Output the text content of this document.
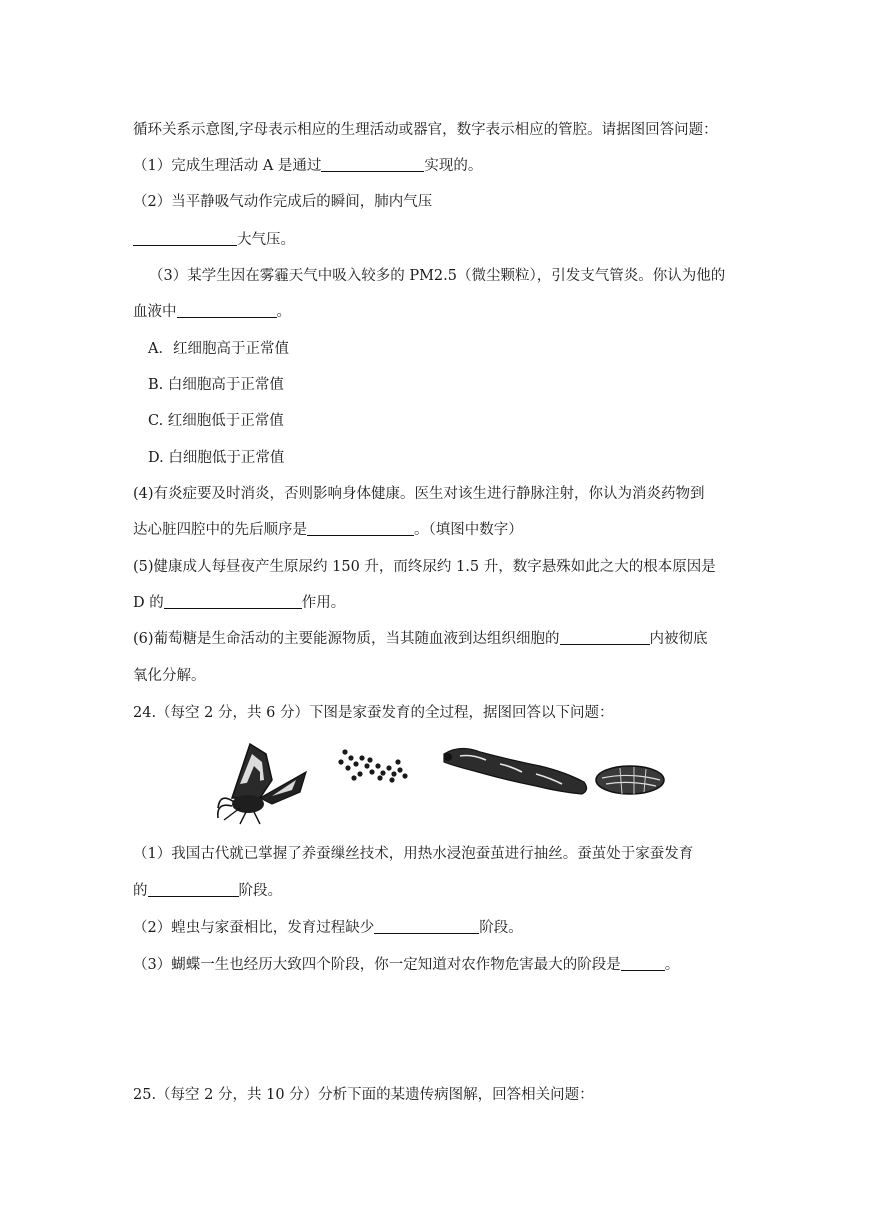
循环关系示意图,字母表示相应的生理活动或器官，数字表示相应的管腔。请据图回答问题：
（1）完成生理活动 A 是通过	实现的。
（2）当平静吸气动作完成后的瞬间，肺内气压
大气压。
（3）某学生因在雾霾天气中吸入较多的 PM2.5（微尘颗粒），引发支气管炎。你认为他的
血液中	。
A．红细胞高于正常值
B. 白细胞高于正常值
C. 红细胞低于正常值
D. 白细胞低于正常值
(4)有炎症要及时消炎，否则影响身体健康。医生对该生进行静脉注射，你认为消炎药物到
达心脏四腔中的先后顺序是	。（填图中数字）
(5)健康成人每昼夜产生原尿约 150 升，而终尿约 1.5 升，数字悬殊如此之大的根本原因是
D 的	作用。
(6)葡萄糖是生命活动的主要能源物质，当其随血液到达组织细胞的	内被彻底
氧化分解。
24.（每空 2 分，共 6 分）下图是家蚕发育的全过程，据图回答以下问题：
（1）我国古代就已掌握了养蚕缫丝技术，用热水浸泡蚕茧进行抽丝。蚕茧处于家蚕发育
的	阶段。
（2）蝗虫与家蚕相比，发育过程缺少	阶段。
（3）蝴蝶一生也经历大致四个阶段，你一定知道对农作物危害最大的阶段是	。
25.（每空 2 分，共 10 分）分析下面的某遗传病图解，回答相关问题：
